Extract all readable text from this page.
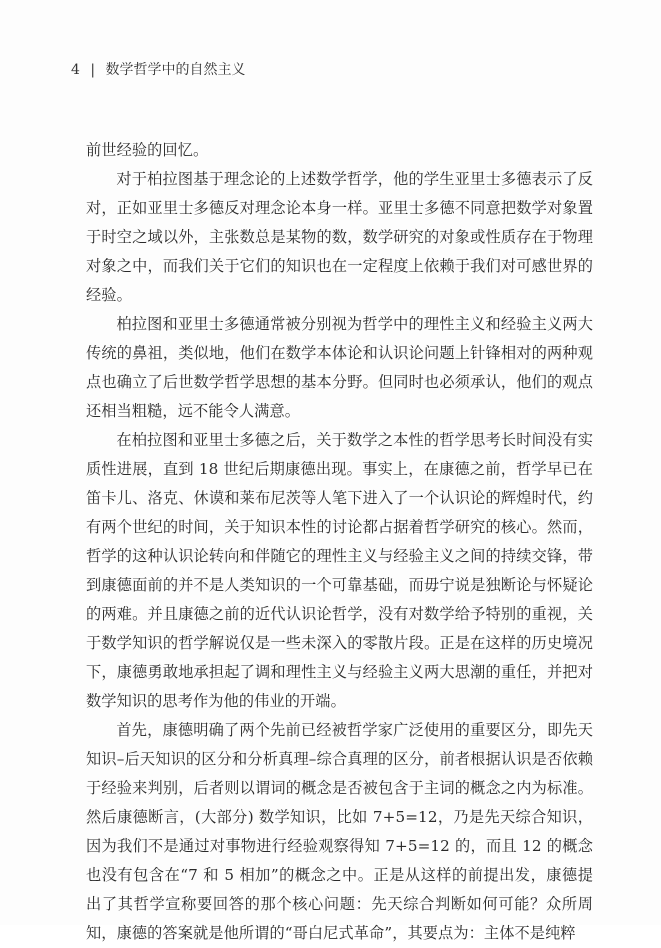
4 | 数学哲学中的自然主义

前世经验的回忆。

对于柏拉图基于理念论的上述数学哲学，他的学生亚里士多德表示了反对，正如亚里士多德反对理念论本身一样。亚里士多德不同意把数学对象置于时空之域以外，主张数总是某物的数，数学研究的对象或性质存在于物理对象之中，而我们关于它们的知识也在一定程度上依赖于我们对可感世界的经验。

柏拉图和亚里士多德通常被分别视为哲学中的理性主义和经验主义两大传统的鼻祖，类似地，他们在数学本体论和认识论问题上针锋相对的两种观点也确立了后世数学哲学思想的基本分野。但同时也必须承认，他们的观点还相当粗糙，远不能令人满意。

在柏拉图和亚里士多德之后，关于数学之本性的哲学思考长时间没有实质性进展，直到 18 世纪后期康德出现。事实上，在康德之前，哲学早已在笛卡儿、洛克、休谟和莱布尼茨等人笔下进入了一个认识论的辉煌时代，约有两个世纪的时间，关于知识本性的讨论都占据着哲学研究的核心。然而，哲学的这种认识论转向和伴随它的理性主义与经验主义之间的持续交锋，带到康德面前的并不是人类知识的一个可靠基础，而毋宁说是独断论与怀疑论的两难。并且康德之前的近代认识论哲学，没有对数学给予特别的重视，关于数学知识的哲学解说仅是一些未深入的零散片段。正是在这样的历史境况下，康德勇敢地承担起了调和理性主义与经验主义两大思潮的重任，并把对数学知识的思考作为他的伟业的开端。

首先，康德明确了两个先前已经被哲学家广泛使用的重要区分，即先天知识–后天知识的区分和分析真理–综合真理的区分，前者根据认识是否依赖于经验来判别，后者则以谓词的概念是否被包含于主词的概念之内为标准。然后康德断言，(大部分) 数学知识，比如 7+5=12，乃是先天综合知识，因为我们不是通过对事物进行经验观察得知 7+5=12 的，而且 12 的概念也没有包含在“7 和 5 相加”的概念之中。正是从这样的前提出发，康德提出了其哲学宣称要回答的那个核心问题：先天综合判断如何可能？众所周知，康德的答案就是他所谓的“哥白尼式革命”，其要点为：主体不是纯粹
